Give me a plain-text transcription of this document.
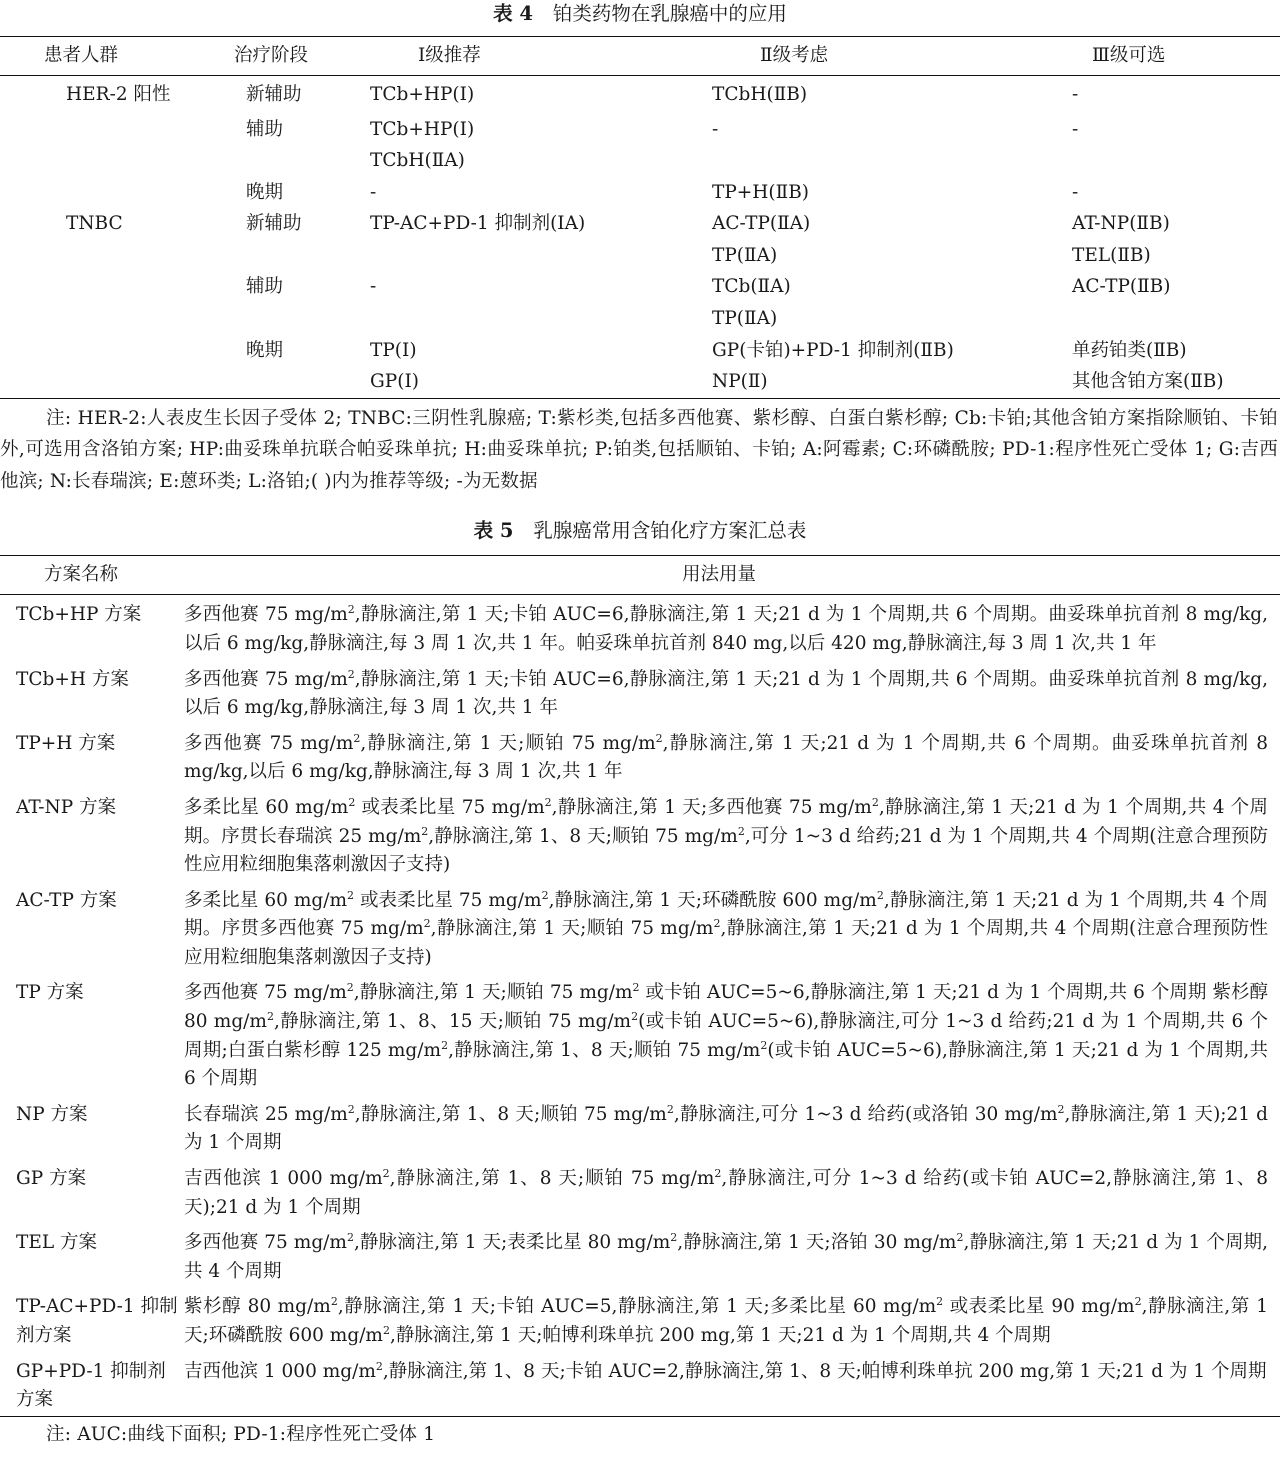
表 4 铂类药物在乳腺癌中的应用
	患者人群	治疗阶段	Ⅰ级推荐	Ⅱ级考虑	Ⅲ级可选
	HER-2 阳性	新辅助	TCb+HP(Ⅰ)	TCbH(ⅡB)	-
		辅助	TCb+HP(Ⅰ)	-	-
			TCbH(ⅡA)		
		晚期	-	TP+H(ⅡB)	-
	TNBC	新辅助	TP-AC+PD-1 抑制剂(ⅠA)	AC-TP(ⅡA)	AT-NP(ⅡB)
				TP(ⅡA)	TEL(ⅡB)
		辅助	-	TCb(ⅡA)	AC-TP(ⅡB)
				TP(ⅡA)	
		晚期	TP(Ⅰ)	GP(卡铂)+PD-1 抑制剂(ⅡB)	单药铂类(ⅡB)
			GP(Ⅰ)	NP(Ⅱ)	其他含铂方案(ⅡB)
注: HER-2:人表皮生长因子受体 2; TNBC:三阴性乳腺癌; T:紫杉类,包括多西他赛、紫杉醇、白蛋白紫杉醇; Cb:卡铂;其他含铂方案指除顺铂、卡铂外,可选用含洛铂方案; HP:曲妥珠单抗联合帕妥珠单抗; H:曲妥珠单抗; P:铂类,包括顺铂、卡铂; A:阿霉素; C:环磷酰胺; PD-1:程序性死亡受体 1; G:吉西他滨; N:长春瑞滨; E:蒽环类; L:洛铂;( )内为推荐等级; -为无数据
表 5 乳腺癌常用含铂化疗方案汇总表
方案名称	用法用量
TCb+HP 方案	多西他赛 75 $mg/m^2$,静脉滴注,第 1 天;卡铂 AUC=6,静脉滴注,第 1 天;21 d 为 1 个周期,共 6 个周期。曲妥珠单抗首剂 8 mg/kg,以后 6 mg/kg,静脉滴注,每 3 周 1 次,共 1 年。帕妥珠单抗首剂 840 mg,以后 420 mg,静脉滴注,每 3 周 1 次,共 1 年
TCb+H 方案	多西他赛 75 $mg/m^2$,静脉滴注,第 1 天;卡铂 AUC=6,静脉滴注,第 1 天;21 d 为 1 个周期,共 6 个周期。曲妥珠单抗首剂 8 mg/kg,以后 6 mg/kg,静脉滴注,每 3 周 1 次,共 1 年
TP+H 方案	多西他赛 75 $mg/m^2$,静脉滴注,第 1 天;顺铂 75 $mg/m^2$,静脉滴注,第 1 天;21 d 为 1 个周期,共 6 个周期。曲妥珠单抗首剂 8 mg/kg,以后 6 mg/kg,静脉滴注,每 3 周 1 次,共 1 年
AT-NP 方案	多柔比星 60 $mg/m^2$ 或表柔比星 75 $mg/m^2$,静脉滴注,第 1 天;多西他赛 75 $mg/m^2$,静脉滴注,第 1 天;21 d 为 1 个周期,共 4 个周期。序贯长春瑞滨 25 $mg/m^2$,静脉滴注,第 1、8 天;顺铂 75 $mg/m^2$,可分 1~3 d 给药;21 d 为 1 个周期,共 4 个周期(注意合理预防性应用粒细胞集落刺激因子支持)
AC-TP 方案	多柔比星 60 $mg/m^2$ 或表柔比星 75 $mg/m^2$,静脉滴注,第 1 天;环磷酰胺 600 $mg/m^2$,静脉滴注,第 1 天;21 d 为 1 个周期,共 4 个周期。序贯多西他赛 75 $mg/m^2$,静脉滴注,第 1 天;顺铂 75 $mg/m^2$,静脉滴注,第 1 天;21 d 为 1 个周期,共 4 个周期(注意合理预防性应用粒细胞集落刺激因子支持)
TP 方案	多西他赛 75 $mg/m^2$,静脉滴注,第 1 天;顺铂 75 $mg/m^2$ 或卡铂 AUC=5~6,静脉滴注,第 1 天;21 d 为 1 个周期,共 6 个周期 紫杉醇 80 $mg/m^2$,静脉滴注,第 1、8、15 天;顺铂 75 $mg/m^2$(或卡铂 AUC=5~6),静脉滴注,可分 1~3 d 给药;21 d 为 1 个周期,共 6 个周期;白蛋白紫杉醇 125 $mg/m^2$,静脉滴注,第 1、8 天;顺铂 75 $mg/m^2$(或卡铂 AUC=5~6),静脉滴注,第 1 天;21 d 为 1 个周期,共 6 个周期
NP 方案	长春瑞滨 25 $mg/m^2$,静脉滴注,第 1、8 天;顺铂 75 $mg/m^2$,静脉滴注,可分 1~3 d 给药(或洛铂 30 $mg/m^2$,静脉滴注,第 1 天);21 d 为 1 个周期
GP 方案	吉西他滨 1 000 $mg/m^2$,静脉滴注,第 1、8 天;顺铂 75 $mg/m^2$,静脉滴注,可分 1~3 d 给药(或卡铂 AUC=2,静脉滴注,第 1、8 天);21 d 为 1 个周期
TEL 方案	多西他赛 75 $mg/m^2$,静脉滴注,第 1 天;表柔比星 80 $mg/m^2$,静脉滴注,第 1 天;洛铂 30 $mg/m^2$,静脉滴注,第 1 天;21 d 为 1 个周期,共 4 个周期
TP-AC+PD-1 抑制剂方案	紫杉醇 80 $mg/m^2$,静脉滴注,第 1 天;卡铂 AUC=5,静脉滴注,第 1 天;多柔比星 60 $mg/m^2$ 或表柔比星 90 $mg/m^2$,静脉滴注,第 1 天;环磷酰胺 600 $mg/m^2$,静脉滴注,第 1 天;帕博利珠单抗 200 mg,第 1 天;21 d 为 1 个周期,共 4 个周期
GP+PD-1 抑制剂方案	吉西他滨 1 000 $mg/m^2$,静脉滴注,第 1、8 天;卡铂 AUC=2,静脉滴注,第 1、8 天;帕博利珠单抗 200 mg,第 1 天;21 d 为 1 个周期
注: AUC:曲线下面积; PD-1:程序性死亡受体 1
